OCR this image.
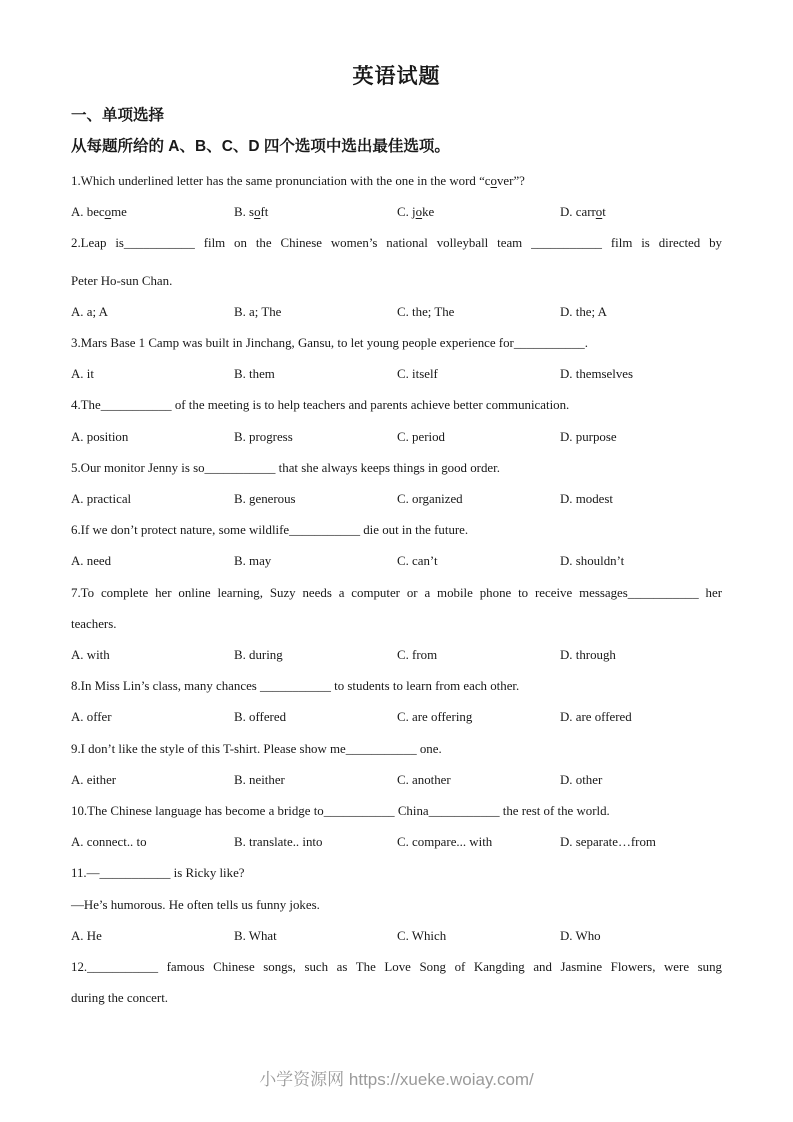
英语试题
一、单项选择
从每题所给的 A、B、C、D 四个选项中选出最佳选项。
1.Which underlined letter has the same pronunciation with the one in the word “cover”?
A. become	B. soft	C. joke	D. carrot
2.Leap is___________ film on the Chinese women’s national volleyball team ___________ film is directed by
Peter Ho-sun Chan.
A. a; A	B. a; The	C. the; The	D. the; A
3.Mars Base 1 Camp was built in Jinchang, Gansu, to let young people experience for___________.
A. it	B. them	C. itself	D. themselves
4.The___________ of the meeting is to help teachers and parents achieve better communication.
A. position	B. progress	C. period	D. purpose
5.Our monitor Jenny is so___________ that she always keeps things in good order.
A. practical	B. generous	C. organized	D. modest
6.If we don’t protect nature, some wildlife___________ die out in the future.
A. need	B. may	C. can’t	D. shouldn’t
7.To complete her online learning, Suzy needs a computer or a mobile phone to receive messages___________ her
teachers.
A. with	B. during	C. from	D. through
8.In Miss Lin’s class, many chances ___________ to students to learn from each other.
A. offer	B. offered	C. are offering	D. are offered
9.I don’t like the style of this T-shirt. Please show me___________ one.
A. either	B. neither	C. another	D. other
10.The Chinese language has become a bridge to___________ China___________ the rest of the world.
A. connect.. to	B. translate.. into	C. compare... with	D. separate…from
11.—___________ is Ricky like?
—He’s humorous. He often tells us funny jokes.
A. He	B. What	C. Which	D. Who
12.___________ famous Chinese songs, such as The Love Song of Kangding and Jasmine Flowers, were sung
during the concert.
小学资源网 https://xueke.woiay.com/
